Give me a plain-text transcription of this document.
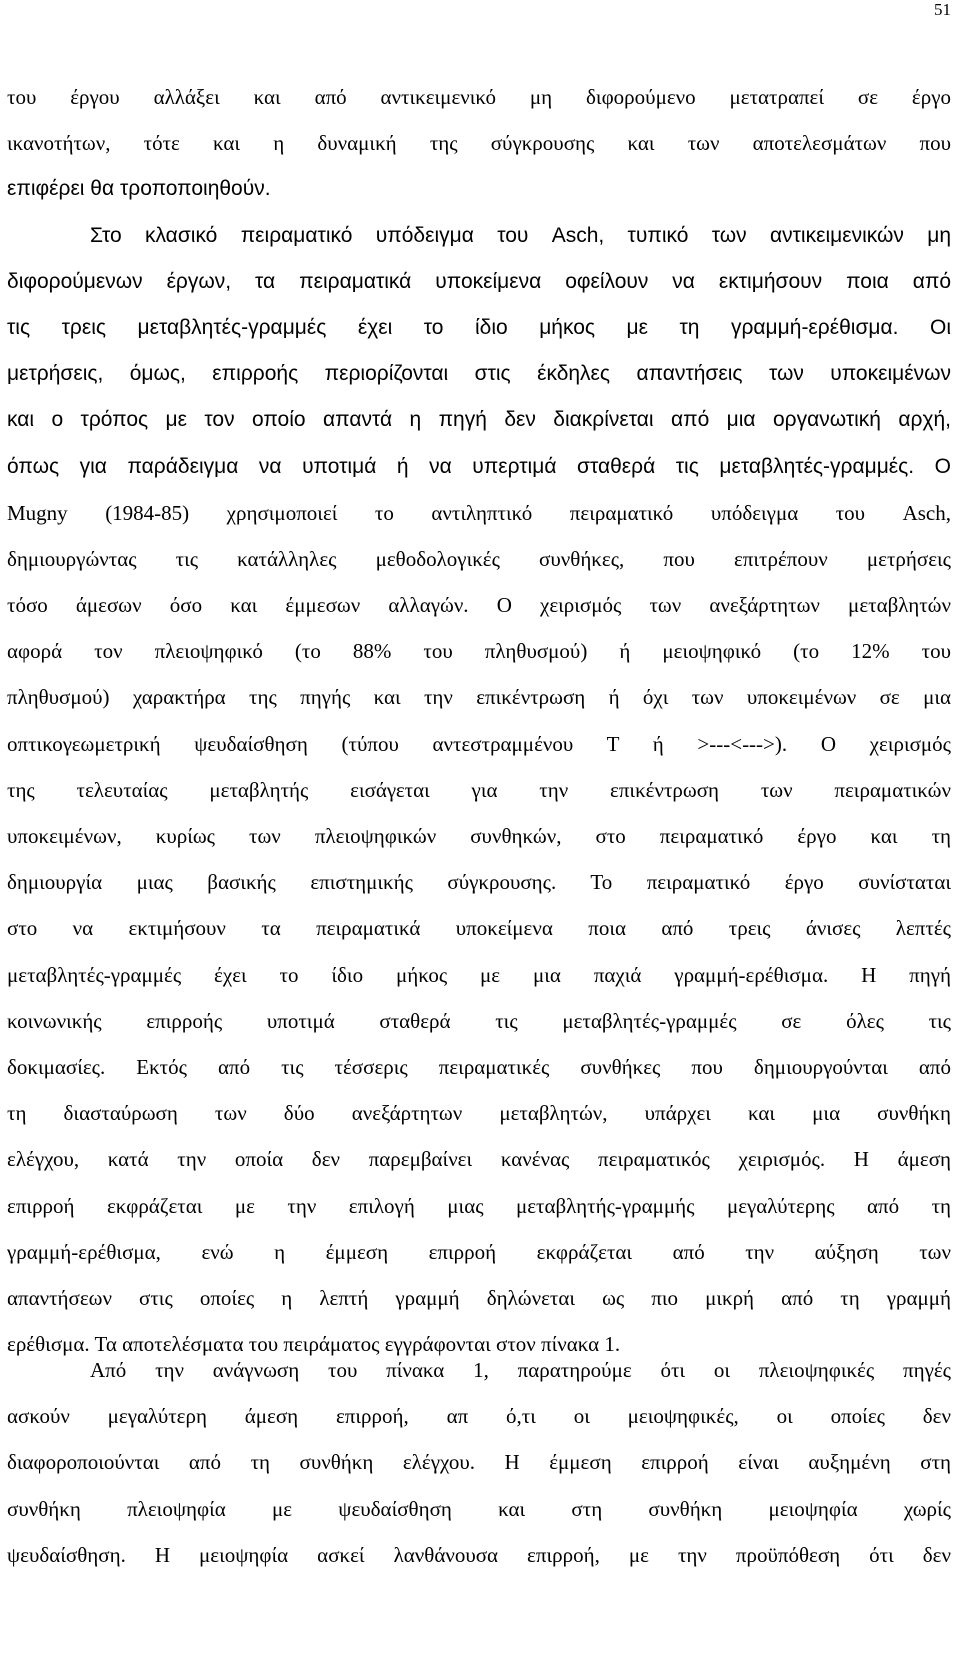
51
του έργου αλλάξει και από αντικειμενικό μη διφορούμενο μετατραπεί σε έργο
ικανοτήτων, τότε και η δυναμική της σύγκρουσης και των αποτελεσμάτων που
επιφέρει θα τροποποιηθούν.
Στο κλασικό πειραματικό υπόδειγμα του Asch, τυπικό των αντικειμενικών μη
διφορούμενων έργων, τα πειραματικά υποκείμενα οφείλουν να εκτιμήσουν ποια από
τις τρεις μεταβλητές-γραμμές έχει το ίδιο μήκος με τη γραμμή-ερέθισμα. Οι
μετρήσεις, όμως, επιρροής περιορίζονται στις έκδηλες απαντήσεις των υποκειμένων
και ο τρόπος με τον οποίο απαντά η πηγή δεν διακρίνεται από μια οργανωτική αρχή,
όπως για παράδειγμα να υποτιμά ή να υπερτιμά σταθερά τις μεταβλητές-γραμμές. Ο
Mugny (1984-85) χρησιμοποιεί το αντιληπτικό πειραματικό υπόδειγμα του Asch,
δημιουργώντας τις κατάλληλες μεθοδολογικές συνθήκες, που επιτρέπουν μετρήσεις
τόσο άμεσων όσο και έμμεσων αλλαγών. Ο χειρισμός των ανεξάρτητων μεταβλητών
αφορά τον πλειοψηφικό (το 88% του πληθυσμού) ή μειοψηφικό (το 12% του
πληθυσμού) χαρακτήρα της πηγής και την επικέντρωση ή όχι των υποκειμένων σε μια
οπτικογεωμετρική ψευδαίσθηση (τύπου αντεστραμμένου Τ ή >---<--->). Ο χειρισμός
της τελευταίας μεταβλητής εισάγεται για την επικέντρωση των πειραματικών
υποκειμένων, κυρίως των πλειοψηφικών συνθηκών, στο πειραματικό έργο και τη
δημιουργία μιας βασικής επιστημικής σύγκρουσης. Το πειραματικό έργο συνίσταται
στο να εκτιμήσουν τα πειραματικά υποκείμενα ποια από τρεις άνισες λεπτές
μεταβλητές-γραμμές έχει το ίδιο μήκος με μια παχιά γραμμή-ερέθισμα. Η πηγή
κοινωνικής επιρροής υποτιμά σταθερά τις μεταβλητές-γραμμές σε όλες τις
δοκιμασίες. Εκτός από τις τέσσερις πειραματικές συνθήκες που δημιουργούνται από
τη διασταύρωση των δύο ανεξάρτητων μεταβλητών, υπάρχει και μια συνθήκη
ελέγχου, κατά την οποία δεν παρεμβαίνει κανένας πειραματικός χειρισμός. Η άμεση
επιρροή εκφράζεται με την επιλογή μιας μεταβλητής-γραμμής μεγαλύτερης από τη
γραμμή-ερέθισμα, ενώ η έμμεση επιρροή εκφράζεται από την αύξηση των
απαντήσεων στις οποίες η λεπτή γραμμή δηλώνεται ως πιο μικρή από τη γραμμή
ερέθισμα. Τα αποτελέσματα του πειράματος εγγράφονται στον πίνακα 1.
Από την ανάγνωση του πίνακα 1, παρατηρούμε ότι οι πλειοψηφικές πηγές
ασκούν μεγαλύτερη άμεση επιρροή, απ ό,τι οι μειοψηφικές, οι οποίες δεν
διαφοροποιούνται από τη συνθήκη ελέγχου. Η έμμεση επιρροή είναι αυξημένη στη
συνθήκη πλειοψηφία με ψευδαίσθηση και στη συνθήκη μειοψηφία χωρίς
ψευδαίσθηση. Η μειοψηφία ασκεί λανθάνουσα επιρροή, με την προϋπόθεση ότι δεν
